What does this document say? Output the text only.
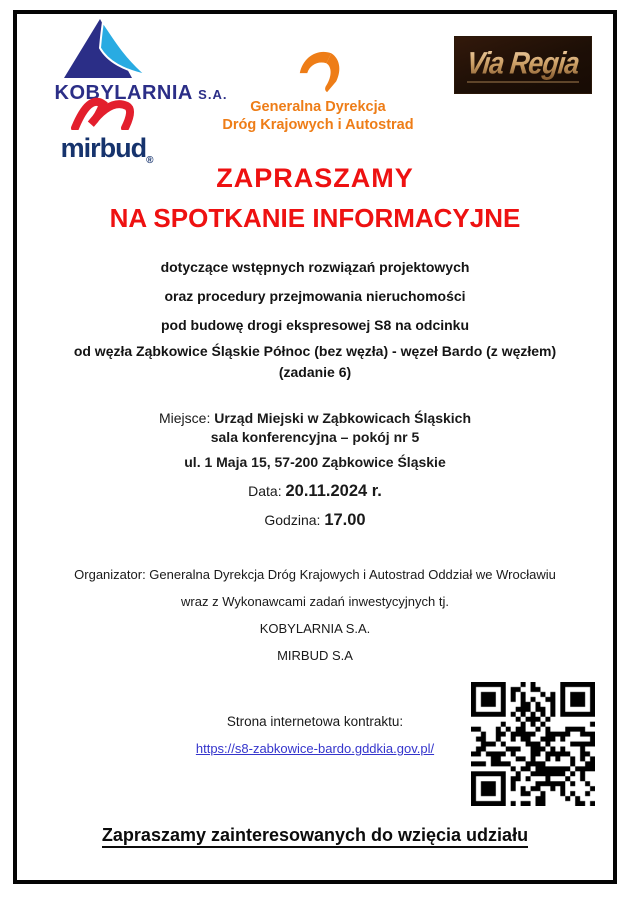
KOBYLARNIA S.A.
mirbud$_®$
Generalna Dyrekcja
Dróg Krajowych i Autostrad
Via Regia
ZAPRASZAMY
NA SPOTKANIE INFORMACYJNE
dotyczące wstępnych rozwiązań projektowych
oraz procedury przejmowania nieruchomości
pod budowę drogi ekspresowej S8 na odcinku
od węzła Ząbkowice Śląskie Północ (bez węzła) - węzeł Bardo (z węzłem)
(zadanie 6)
Miejsce: Urząd Miejski w Ząbkowicach Śląskich
sala konferencyjna – pokój nr 5
ul. 1 Maja 15, 57-200 Ząbkowice Śląskie
Data: 20.11.2024 r.
Godzina: 17.00
Organizator: Generalna Dyrekcja Dróg Krajowych i Autostrad Oddział we Wrocławiu
wraz z Wykonawcami zadań inwestycyjnych tj.
KOBYLARNIA S.A.
MIRBUD S.A
Strona internetowa kontraktu:
https://s8-zabkowice-bardo.gddkia.gov.pl/
Zapraszamy zainteresowanych do wzięcia udziału
